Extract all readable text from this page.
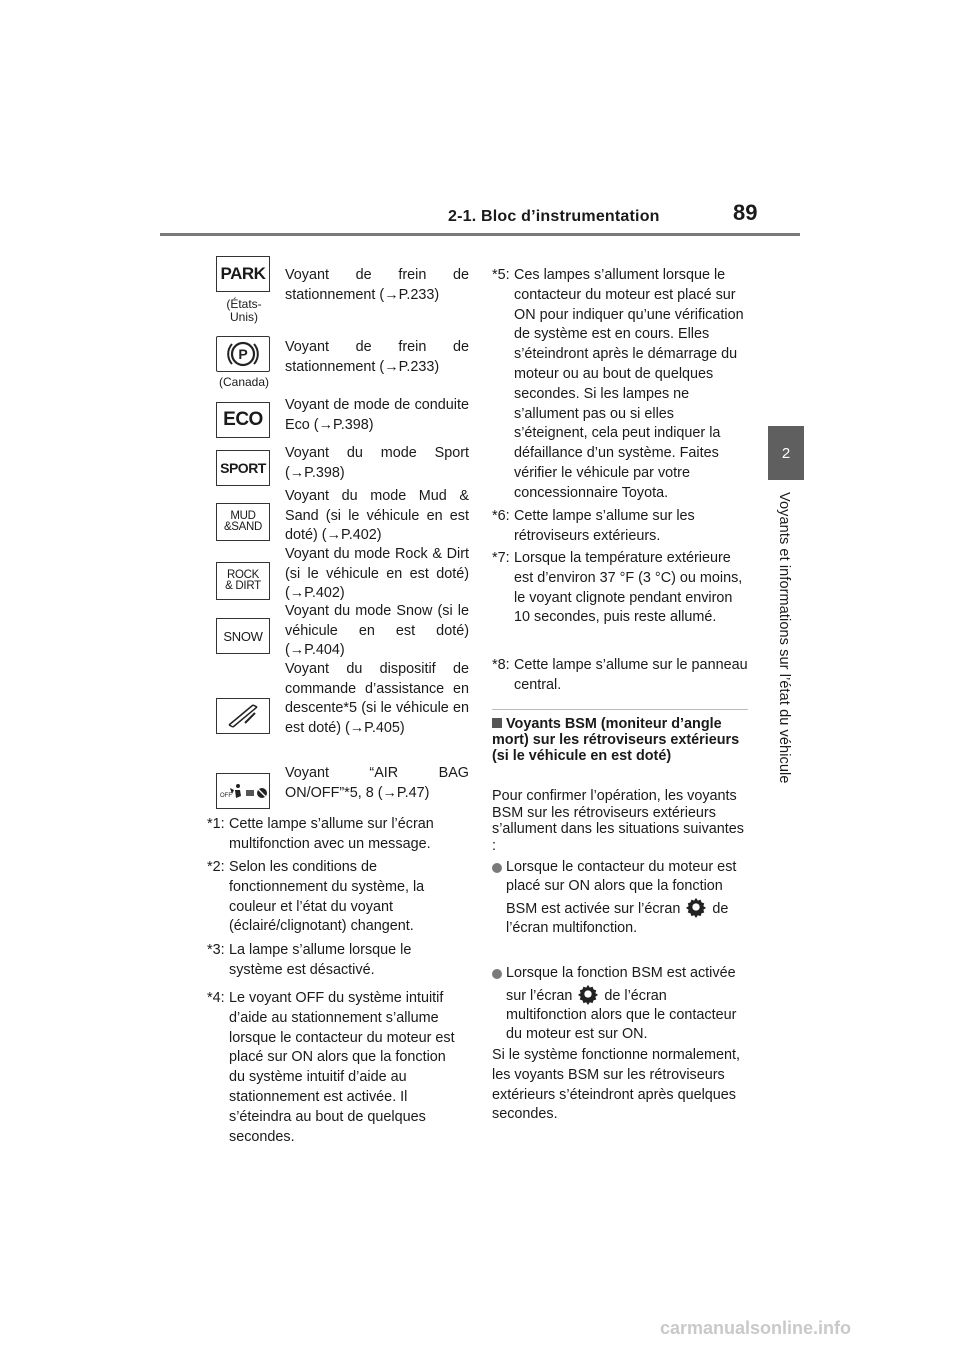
2-1. Bloc d’instrumentation	89
2
Voyants et informations sur l’état du véhicule
PARK
(États-Unis)
Voyant de frein de stationnement (→P.233)
P
(Canada)
Voyant de frein de stationnement (→P.233)
ECO
Voyant de mode de conduite Eco (→P.398)
SPORT
Voyant du mode Sport (→P.398)
MUD &SAND
Voyant du mode Mud & Sand (si le véhicule en est doté) (→P.402)
ROCK & DIRT
Voyant du mode Rock & Dirt (si le véhicule en est doté) (→P.402)
SNOW
Voyant du mode Snow (si le véhicule en est doté) (→P.404)
Voyant du dispositif de commande d’assistance en descente*5 (si le véhicule en est doté) (→P.405)
OFF
Voyant “AIR BAG ON/OFF”*5, 8 (→P.47)
*1: Cette lampe s’allume sur l’écran multifonction avec un message.
*2: Selon les conditions de fonctionnement du système, la couleur et l’état du voyant (éclairé/clignotant) changent.
*3: La lampe s’allume lorsque le système est désactivé.
*4: Le voyant OFF du système intuitif d’aide au stationnement s’allume lorsque le contacteur du moteur est placé sur ON alors que la fonction du système intuitif d’aide au stationnement est activée. Il s’éteindra au bout de quelques secondes.
*5: Ces lampes s’allument lorsque le contacteur du moteur est placé sur ON pour indiquer qu’une vérification de système est en cours. Elles s’éteindront après le démarrage du moteur ou au bout de quelques secondes. Si les lampes ne s’allument pas ou si elles s’éteignent, cela peut indiquer la défaillance d’un système. Faites vérifier le véhicule par votre concessionnaire Toyota.
*6: Cette lampe s’allume sur les rétroviseurs extérieurs.
*7: Lorsque la température extérieure est d’environ 37 °F (3 °C) ou moins, le voyant clignote pendant environ 10 secondes, puis reste allumé.
*8: Cette lampe s’allume sur le panneau central.
Voyants BSM (moniteur d’angle mort) sur les rétroviseurs extérieurs (si le véhicule en est doté)
Pour confirmer l’opération, les voyants BSM sur les rétroviseurs extérieurs s’allument dans les situations suivantes :
Lorsque le contacteur du moteur est placé sur ON alors que la fonction BSM est activée sur l’écran de l’écran multifonction.
Lorsque la fonction BSM est activée sur l’écran de l’écran multifonction alors que le contacteur du moteur est sur ON.
Si le système fonctionne normalement, les voyants BSM sur les rétroviseurs extérieurs s’éteindront après quelques secondes.
carmanualsonline.info
